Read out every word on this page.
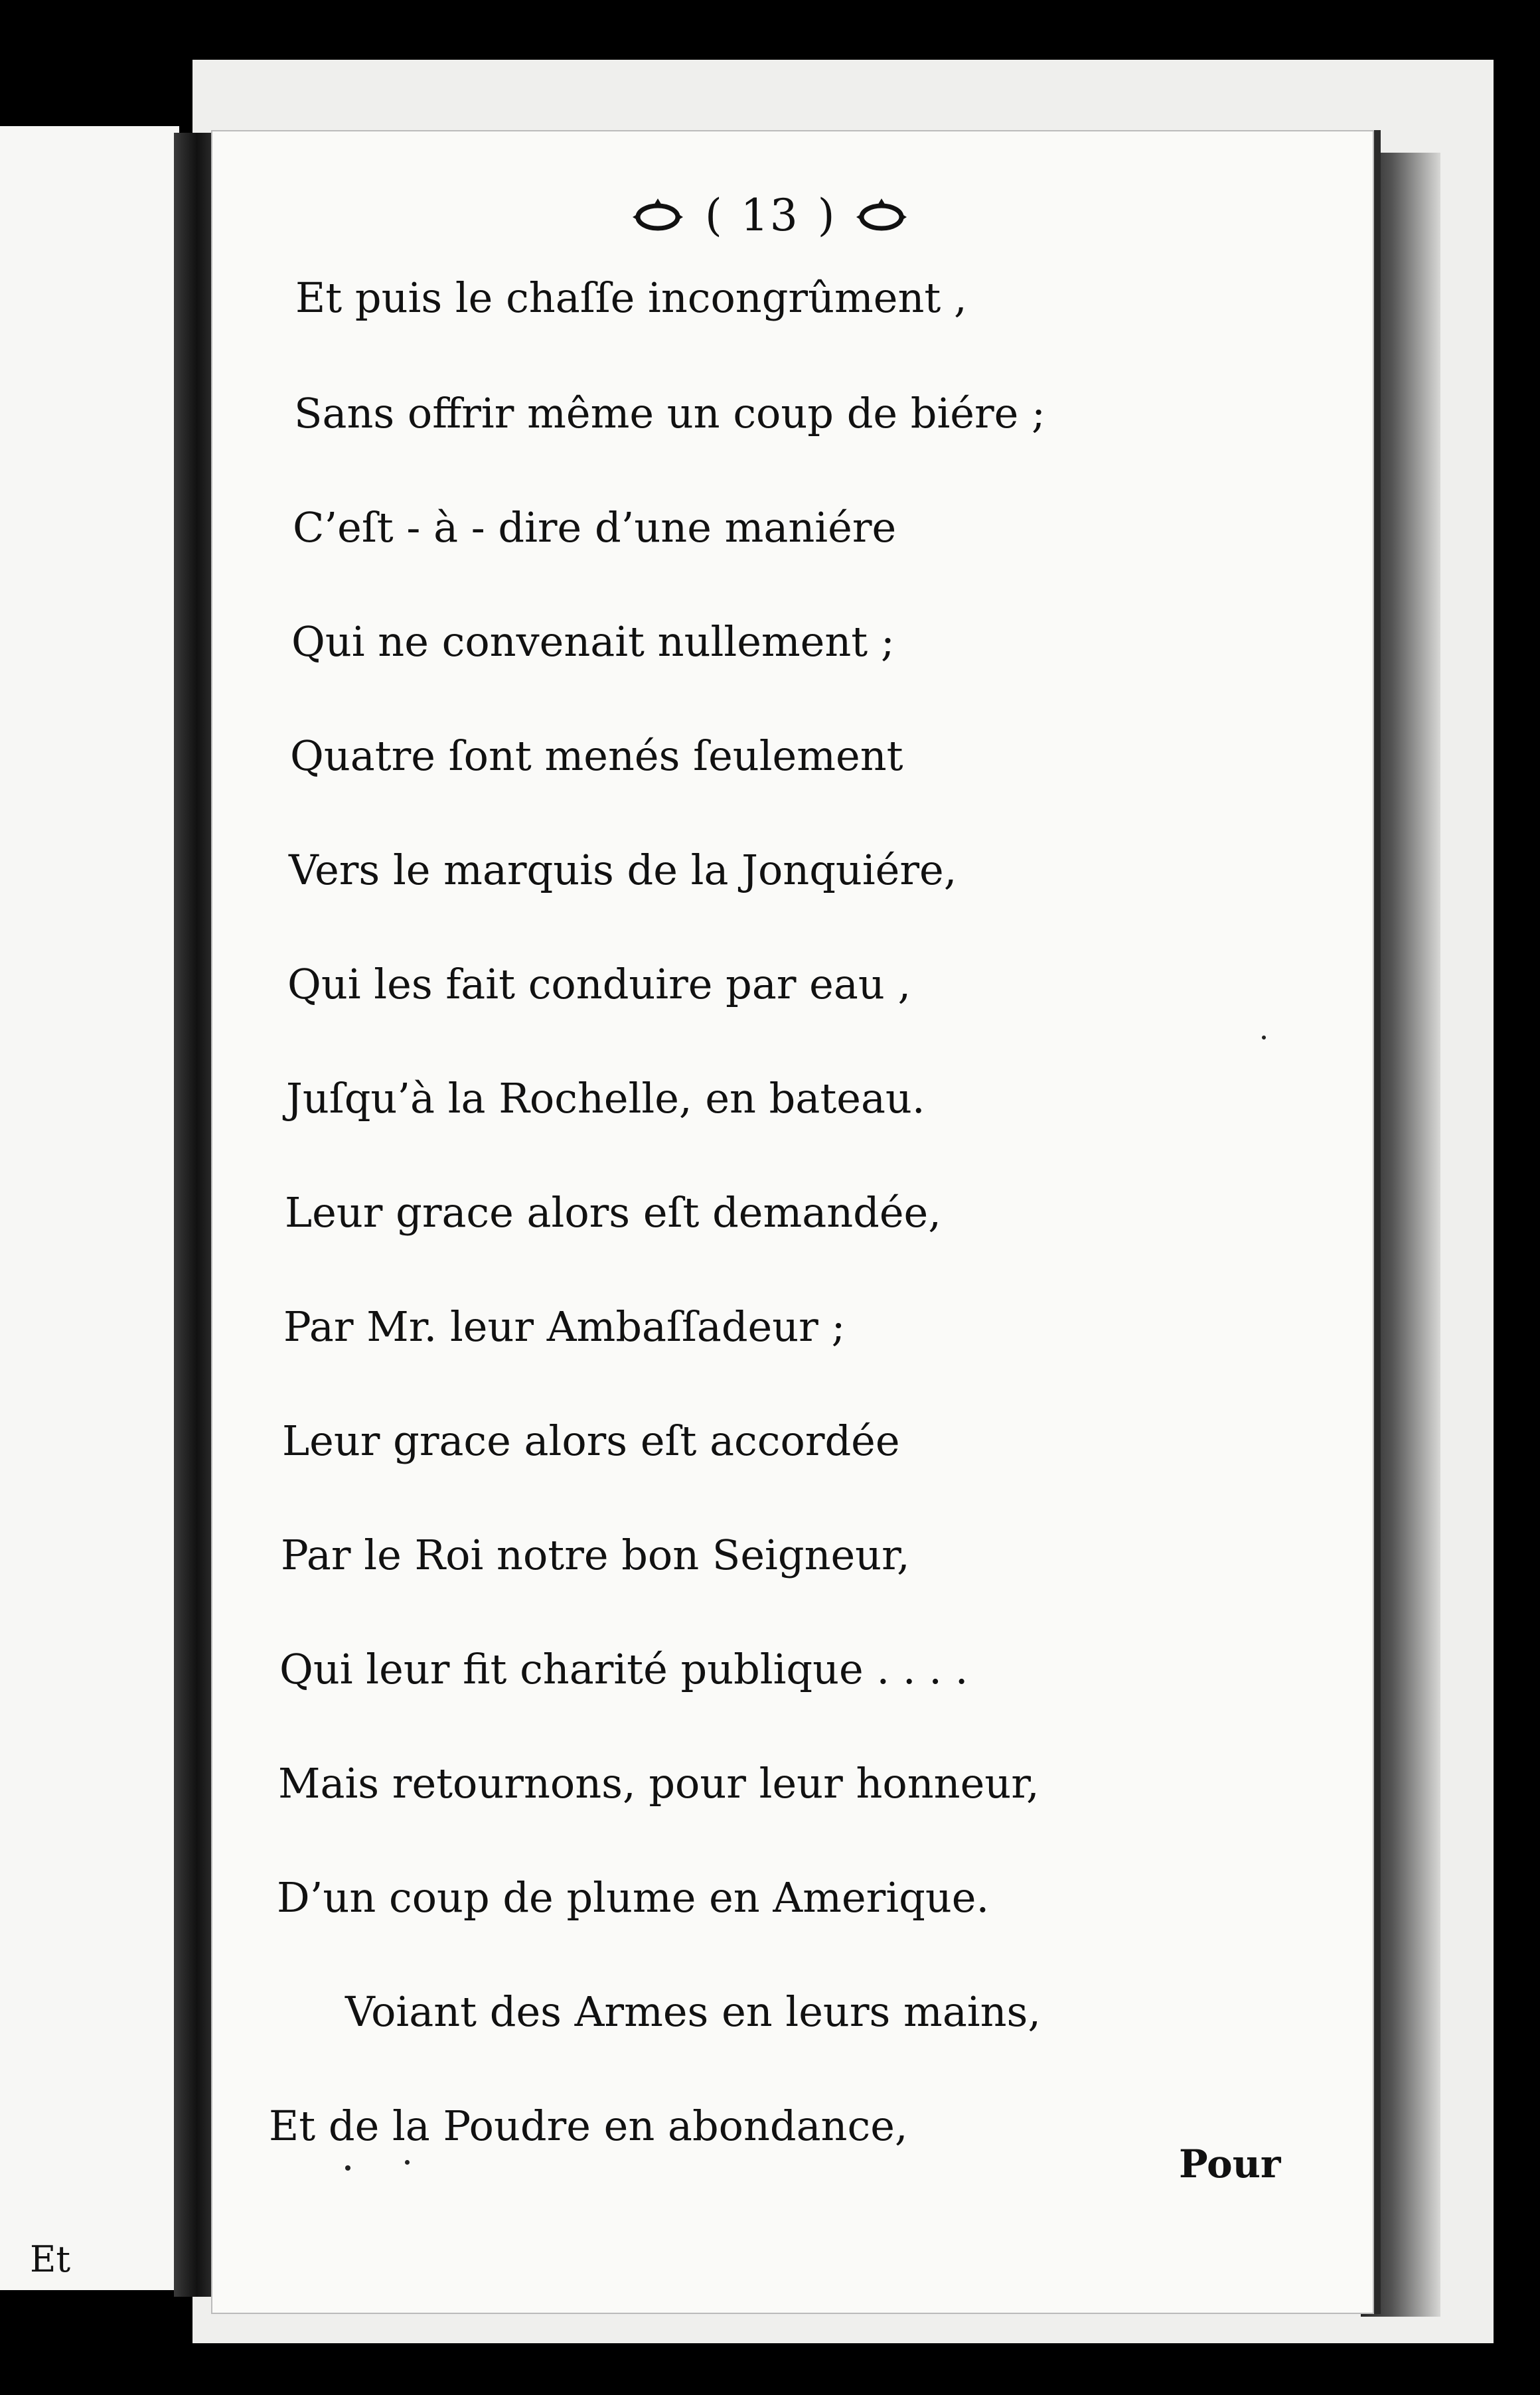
Et
( 13 )

Et puis le chaſſe incongrûment ,

Sans offrir même un coup de biére ;

C’eſt - à - dire d’une maniére

Qui ne convenait nullement ;

Quatre ſont menés ſeulement

Vers le marquis de la Jonquiére,

Qui les fait conduire par eau ,

Juſqu’à la Rochelle, en bateau.

Leur grace alors eſt demandée,

Par Mr. leur Ambaſſadeur ;

Leur grace alors eſt accordée

Par le Roi notre bon Seigneur,

Qui leur fit charité publique . . . .

Mais retournons, pour leur honneur,

D’un coup de plume en Amerique.

Voiant des Armes en leurs mains,

Et de la Poudre en abondance,

Pour
